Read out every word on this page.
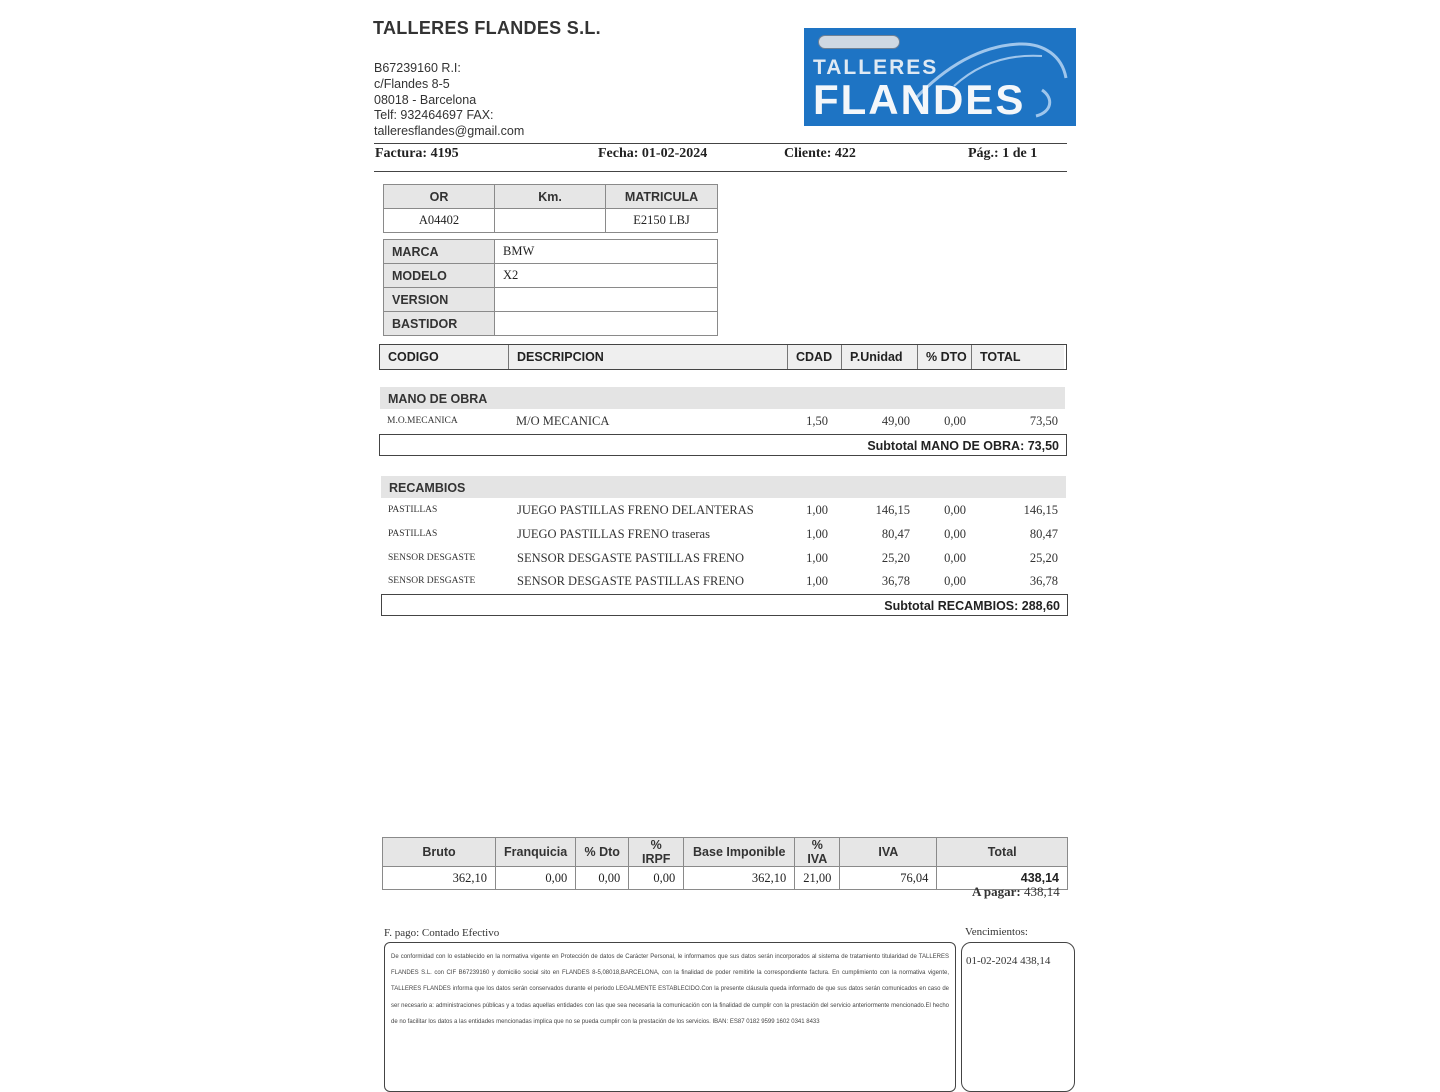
TALLERES FLANDES S.L.
B67239160 R.I:
c/Flandes 8-5
08018 - Barcelona
Telf: 932464697 FAX:
talleresflandes@gmail.com
TALLERES
FLANDES
Factura: 4195	Fecha: 01-02-2024	Cliente: 422	Pág.: 1 de 1
OR	Km.	MATRICULA
A04402		E2150 LBJ
MARCA	BMW
MODELO	X2
VERSION	
BASTIDOR	
CODIGO	DESCRIPCION	CDAD	P.Unidad	% DTO	TOTAL
MANO DE OBRA
M.O.MECANICA	M/O MECANICA	1,50	49,00	0,00	73,50
Subtotal MANO DE OBRA: 73,50
RECAMBIOS
PASTILLAS	JUEGO PASTILLAS FRENO DELANTERAS	1,00	146,15	0,00	146,15
PASTILLAS	JUEGO PASTILLAS FRENO traseras	1,00	80,47	0,00	80,47
SENSOR DESGASTE	SENSOR DESGASTE PASTILLAS FRENO	1,00	25,20	0,00	25,20
SENSOR DESGASTE	SENSOR DESGASTE PASTILLAS FRENO	1,00	36,78	0,00	36,78
Subtotal RECAMBIOS: 288,60
Bruto	Franquicia	% Dto	% IRPF	Base Imponible	% IVA	IVA	Total
362,10	0,00	0,00	0,00	362,10	21,00	76,04	438,14
A pagar: 438,14
F. pago: Contado Efectivo	Vencimientos:
De conformidad con lo establecido en la normativa vigente en Protección de datos de Carácter Personal, le informamos que sus datos serán incorporados al sistema de tratamiento titularidad de TALLERES FLANDES S.L. con CIF B67239160 y domicilio social sito en FLANDES 8-5,08018,BARCELONA, con la finalidad de poder remitirle la correspondiente factura. En cumplimiento con la normativa vigente, TALLERES FLANDES informa que los datos serán conservados durante el periodo LEGALMENTE ESTABLECIDO.Con la presente cláusula queda informado de que sus datos serán comunicados en caso de ser necesario a: administraciones públicas y a todas aquellas entidades con las que sea necesaria la comunicación con la finalidad de cumplir con la prestación del servicio anteriormente mencionado.El hecho de no facilitar los datos a las entidades mencionadas implica que no se pueda cumplir con la prestación de los servicios. IBAN: ES87 0182 9599 1602 0341 8433
01-02-2024 438,14
